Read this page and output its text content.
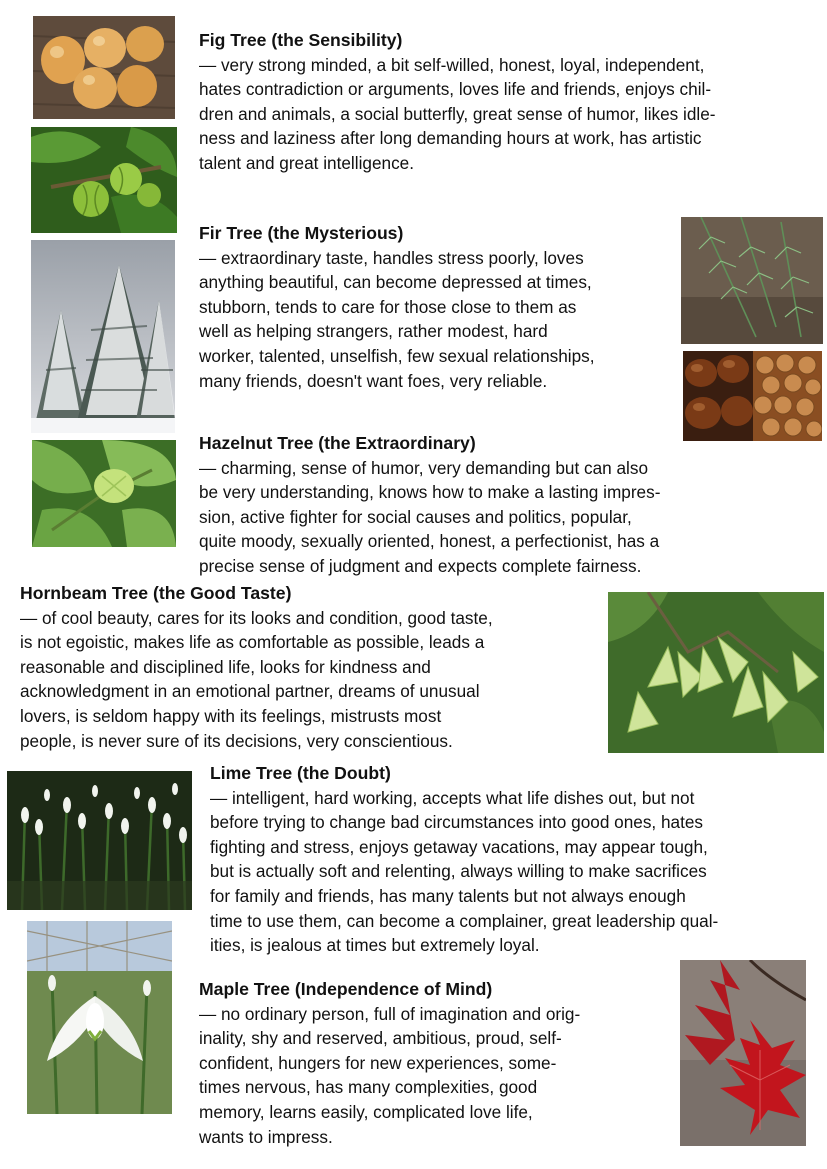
Fig Tree (the Sensibility)
— very strong minded, a bit self-willed, honest, loyal, independent,
hates contradiction or arguments, loves life and friends, enjoys chil-
dren and animals, a social butterfly, great sense of humor, likes idle-
ness and laziness after long demanding hours at work, has artistic
talent and great intelligence.
Fir Tree (the Mysterious)
— extraordinary taste, handles stress poorly, loves
anything beautiful, can become depressed at times,
stubborn, tends to care for those close to them as
well as helping strangers, rather modest, hard
worker, talented, unselfish, few sexual relationships,
many friends, doesn't want foes, very reliable.
Hazelnut Tree (the Extraordinary)
— charming, sense of humor, very demanding but can also
be very understanding, knows how to make a lasting impres-
sion, active fighter for social causes and politics, popular,
quite moody, sexually oriented, honest, a perfectionist, has a
precise sense of judgment and expects complete fairness.
Hornbeam Tree (the Good Taste)
— of cool beauty, cares for its looks and condition, good taste,
is not egoistic, makes life as comfortable as possible, leads a
reasonable and disciplined life, looks for kindness and
acknowledgment in an emotional partner, dreams of unusual
lovers, is seldom happy with its feelings, mistrusts most
people, is never sure of its decisions, very conscientious.
Lime Tree (the Doubt)
— intelligent, hard working, accepts what life dishes out, but not
before trying to change bad circumstances into good ones, hates
fighting and stress, enjoys getaway vacations, may appear tough,
but is actually soft and relenting, always willing to make sacrifices
for family and friends, has many talents but not always enough
time to use them, can become a complainer, great leadership qual-
ities, is jealous at times but extremely loyal.
Maple Tree (Independence of Mind)
— no ordinary person, full of imagination and orig-
inality, shy and reserved, ambitious, proud, self-
confident, hungers for new experiences, some-
times nervous, has many complexities, good
memory, learns easily, complicated love life,
wants to impress.
